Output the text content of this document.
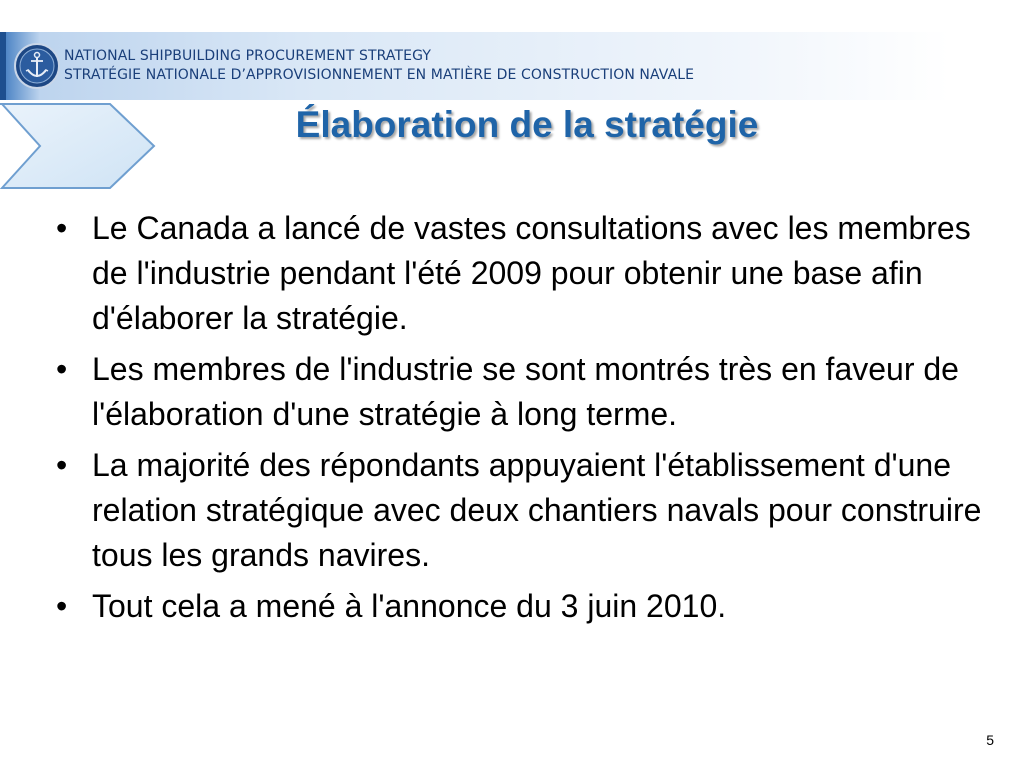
NATIONAL SHIPBUILDING PROCUREMENT STRATEGY
STRATÉGIE NATIONALE D’APPROVISIONNEMENT EN MATIÈRE DE CONSTRUCTION NAVALE
Élaboration de la stratégie
• Le Canada a lancé de vastes consultations avec les membres de l'industrie pendant l'été 2009 pour obtenir une base afin d'élaborer la stratégie.
• Les membres de l'industrie se sont montrés très en faveur de l'élaboration d'une stratégie à long terme.
• La majorité des répondants appuyaient l'établissement d'une relation stratégique avec deux chantiers navals pour construire tous les grands navires.
• Tout cela a mené à l'annonce du 3 juin 2010.
5
